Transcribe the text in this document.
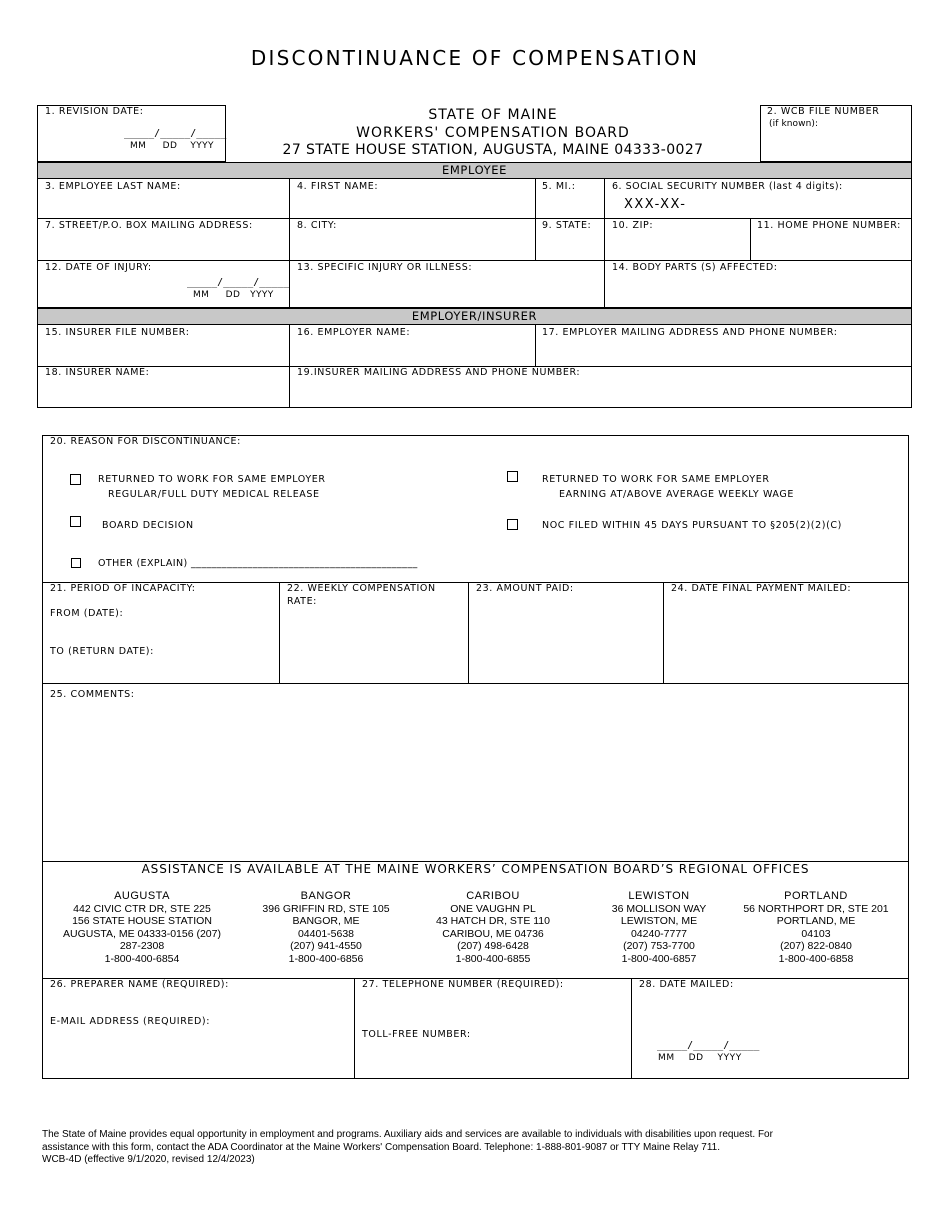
DISCONTINUANCE OF COMPENSATION
1. REVISION DATE:
_____/_____/_____
MM     DD    YYYY
STATE OF MAINE
WORKERS' COMPENSATION BOARD
27 STATE HOUSE STATION, AUGUSTA, MAINE 04333-0027
2. WCB FILE NUMBER
(if known):
EMPLOYEE
3. EMPLOYEE LAST NAME:	4. FIRST NAME:	5. MI.:	6. SOCIAL SECURITY NUMBER (last 4 digits):
XXX-XX-
7. STREET/P.O. BOX MAILING ADDRESS:	8. CITY:	9. STATE: 10. ZIP:	11. HOME PHONE NUMBER:
12. DATE OF INJURY:
_____/_____/_____
MM     DD   YYYY
13. SPECIFIC INJURY OR ILLNESS:	14. BODY PARTS (S) AFFECTED:
EMPLOYER/INSURER
15. INSURER FILE NUMBER:	16. EMPLOYER NAME:	17. EMPLOYER MAILING ADDRESS AND PHONE NUMBER:
18. INSURER NAME:	19.INSURER MAILING ADDRESS AND PHONE NUMBER:
20. REASON FOR DISCONTINUANCE:
RETURNED TO WORK FOR SAME EMPLOYER
REGULAR/FULL DUTY MEDICAL RELEASE
RETURNED TO WORK FOR SAME EMPLOYER
EARNING AT/ABOVE AVERAGE WEEKLY WAGE
BOARD DECISION	NOC FILED WITHIN 45 DAYS PURSUANT TO §205(2)(2)(C)
OTHER (EXPLAIN) ____________________________________________
21. PERIOD OF INCAPACITY:
FROM (DATE):
TO (RETURN DATE):
22. WEEKLY COMPENSATION
RATE:
23. AMOUNT PAID:	24. DATE FINAL PAYMENT MAILED:
25. COMMENTS:
ASSISTANCE IS AVAILABLE AT THE MAINE WORKERS’ COMPENSATION BOARD’S REGIONAL OFFICES
AUGUSTA
442 CIVIC CTR DR, STE 225
156 STATE HOUSE STATION
AUGUSTA, ME 04333-0156 (207)
287-2308
1-800-400-6854
BANGOR
396 GRIFFIN RD, STE 105
BANGOR, ME
04401-5638
(207) 941-4550
1-800-400-6856
CARIBOU
ONE VAUGHN PL
43 HATCH DR, STE 110
CARIBOU, ME 04736
(207) 498-6428
1-800-400-6855
LEWISTON
36 MOLLISON WAY
LEWISTON, ME
04240-7777
(207) 753-7700
1-800-400-6857
PORTLAND
56 NORTHPORT DR, STE 201
PORTLAND, ME
04103
(207) 822-0840
1-800-400-6858
26. PREPARER NAME (REQUIRED):
E-MAIL ADDRESS (REQUIRED):
27. TELEPHONE NUMBER (REQUIRED):
TOLL-FREE NUMBER:
28. DATE MAILED:
_____/_____/_____
MM    DD    YYYY
The State of Maine provides equal opportunity in employment and programs. Auxiliary aids and services are available to individuals with disabilities upon request. For
assistance with this form, contact the ADA Coordinator at the Maine Workers' Compensation Board. Telephone: 1-888-801-9087 or TTY Maine Relay 711.
WCB-4D (effective 9/1/2020, revised 12/4/2023)
